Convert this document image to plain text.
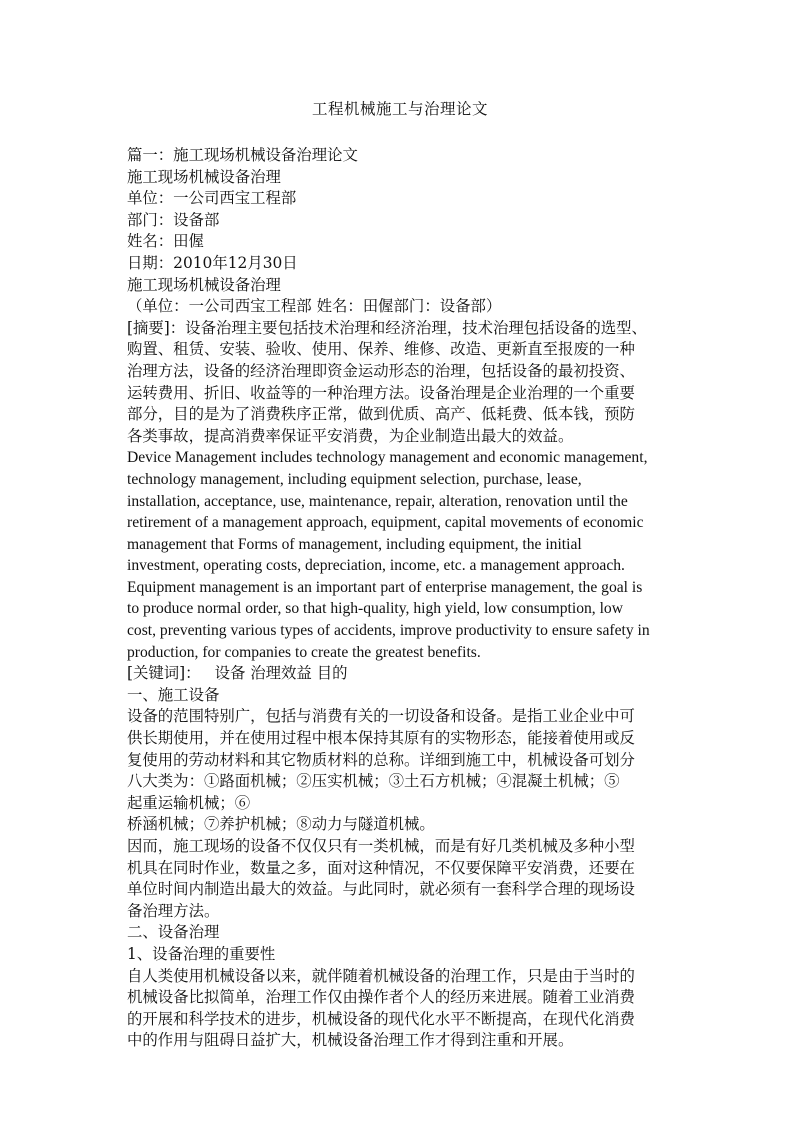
工程机械施工与治理论文
篇一：施工现场机械设备治理论文
施工现场机械设备治理
单位：一公司西宝工程部
部门：设备部
姓名：田偓
日期：2010年12月30日
施工现场机械设备治理
（单位：一公司西宝工程部 姓名：田偓部门：设备部）
[摘要]：设备治理主要包括技术治理和经济治理，技术治理包括设备的选型、
购置、租赁、安装、验收、使用、保养、维修、改造、更新直至报废的一种
治理方法，设备的经济治理即资金运动形态的治理，包括设备的最初投资、
运转费用、折旧、收益等的一种治理方法。设备治理是企业治理的一个重要
部分，目的是为了消费秩序正常，做到优质、高产、低耗费、低本钱，预防
各类事故，提高消费率保证平安消费，为企业制造出最大的效益。
Device Management includes technology management and economic management,
technology management, including equipment selection, purchase, lease,
installation, acceptance, use, maintenance, repair, alteration, renovation until the
retirement of a management approach, equipment, capital movements of economic
management that Forms of management, including equipment, the initial
investment, operating costs, depreciation, income, etc. a management approach.
Equipment management is an important part of enterprise management, the goal is
to produce normal order, so that high-quality, high yield, low consumption, low
cost, preventing various types of accidents, improve productivity to ensure safety in
production, for companies to create the greatest benefits.
[关键词]： 设备 治理效益 目的
一、施工设备
设备的范围特别广，包括与消费有关的一切设备和设备。是指工业企业中可
供长期使用，并在使用过程中根本保持其原有的实物形态，能接着使用或反
复使用的劳动材料和其它物质材料的总称。详细到施工中，机械设备可划分
八大类为：①路面机械；②压实机械；③土石方机械；④混凝土机械；⑤
起重运输机械；⑥
桥涵机械；⑦养护机械；⑧动力与隧道机械。
因而，施工现场的设备不仅仅只有一类机械，而是有好几类机械及多种小型
机具在同时作业，数量之多，面对这种情况，不仅要保障平安消费，还要在
单位时间内制造出最大的效益。与此同时，就必须有一套科学合理的现场设
备治理方法。
二、设备治理
1、设备治理的重要性
自人类使用机械设备以来，就伴随着机械设备的治理工作，只是由于当时的
机械设备比拟简单，治理工作仅由操作者个人的经历来进展。随着工业消费
的开展和科学技术的进步，机械设备的现代化水平不断提高，在现代化消费
中的作用与阻碍日益扩大，机械设备治理工作才得到注重和开展。
